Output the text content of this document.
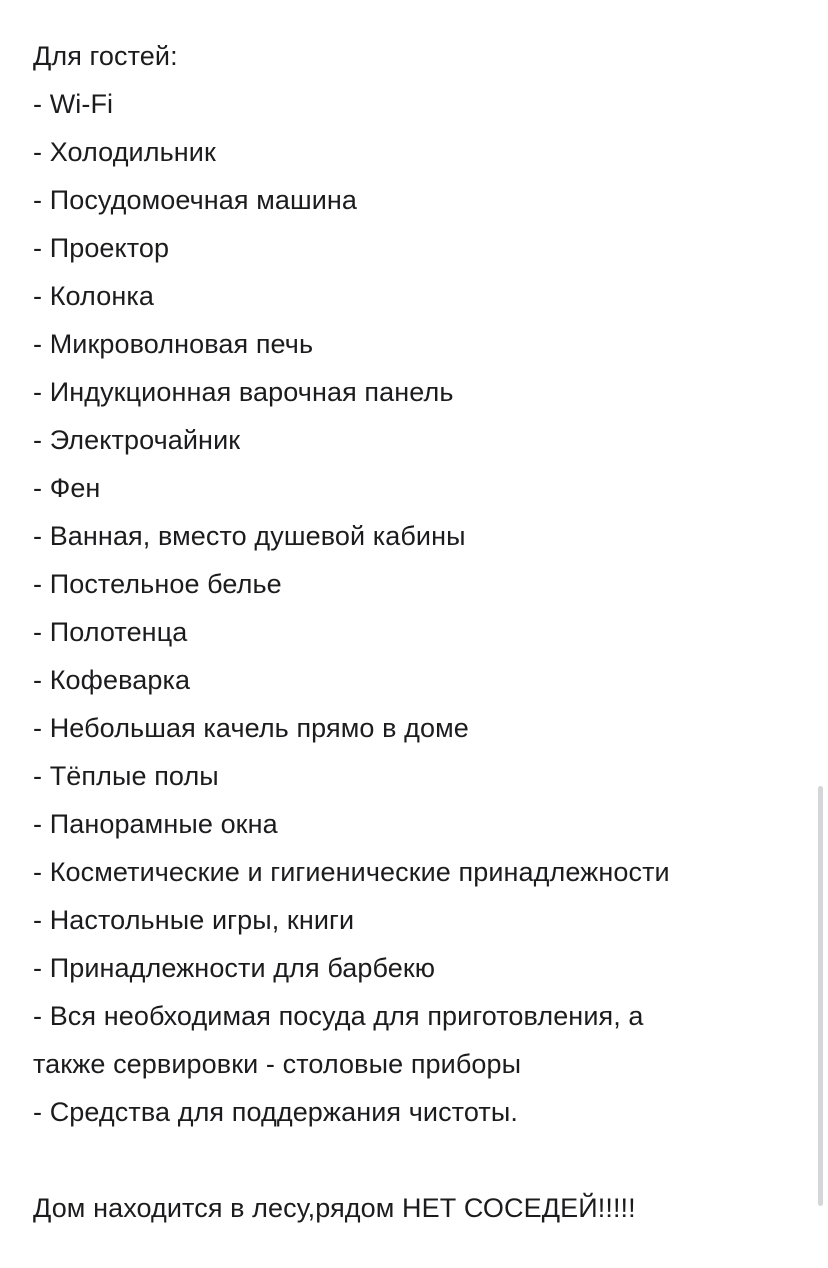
Для гостей:
- Wi-Fi
- Холодильник
- Посудомоечная машина
- Проектор
- Колонка
- Микроволновая печь
- Индукционная варочная панель
- Электрочайник
- Фен
- Ванная, вместо душевой кабины
- Постельное белье
- Полотенца
- Кофеварка
- Небольшая качель прямо в доме
- Тёплые полы
- Панорамные окна
- Косметические и гигиенические принадлежности
- Настольные игры, книги
- Принадлежности для барбекю
- Вся необходимая посуда для приготовления, а
также сервировки - столовые приборы
- Средства для поддержания чистоты.
Дом находится в лесу,рядом НЕТ СОСЕДЕЙ!!!!!
